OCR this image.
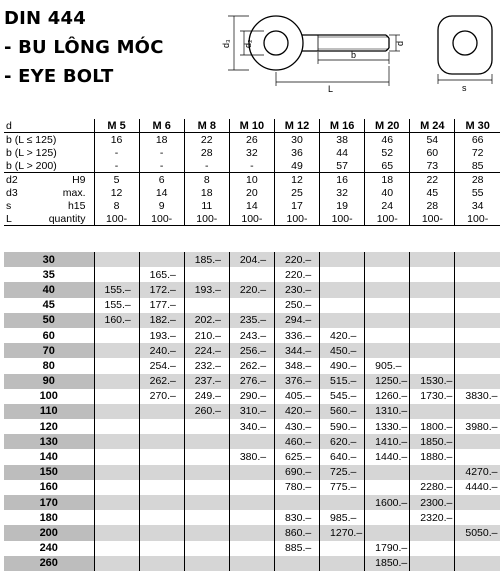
DIN 444
- BU LÔNG MÓC
- EYE BOLT
d₃ d₂
b
d
L	s
d	M 5	M 6	M 8	M 10	M 12	M 16	M 20	M 24	M 30

b (L ≤ 125)	16	18	22	26	30	38	46	54	66

b (L > 125)	-	-	28	32	36	44	52	60	72

b (L > 200)	-	-	-	-	49	57	65	73	85

d2 H9	5	6	8	10	12	16	18	22	28

d3 max.	12	14	18	20	25	32	40	45	55

s h15	8	9	11	14	17	19	24	28	34

L quantity	100-	100-	100-	100-	100-	100-	100-	100-	100-
30			185.–	204.–	220.–				
35		165.–			220.–				
40	155.–	172.–	193.–	220.–	230.–				
45	155.–	177.–			250.–				
50	160.–	182.–	202.–	235.–	294.–				
60		193.–	210.–	243.–	336.–	420.–			
70		240.–	224.–	256.–	344.–	450.–			
80		254.–	232.–	262.–	348.–	490.–	905.–		
90		262.–	237.–	276.–	376.–	515.–	1250.–	1530.–	
100		270.–	249.–	290.–	405.–	545.–	1260.–	1730.–	3830.–
110			260.–	310.–	420.–	560.–	1310.–		
120				340.–	430.–	590.–	1330.–	1800.–	3980.–
130					460.–	620.–	1410.–	1850.–	
140				380.–	625.–	640.–	1440.–	1880.–	
150					690.–	725.–			4270.–
160					780.–	775.–		2280.–	4440.–
170							1600.–	2300.–	
180					830.–	985.–		2320.–	
200					860.–	1270.–			5050.–
240					885.–		1790.–		
260							1850.–		
